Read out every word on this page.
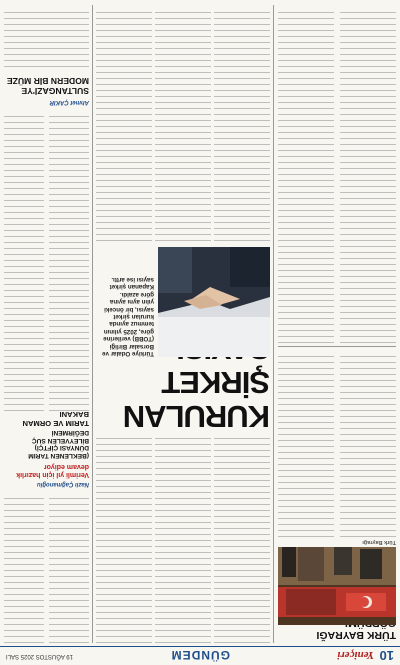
10
Yeniçeri
GÜNDEM
19 AĞUSTOS 2025 SALI
TÜRK BAYRAĞI
Türk Bayrağı
KURULAN ŞİRKET
Türkiye Odalar ve Borsalar Birliği (TOBB) verilerine göre, 2025 yılının temmuz ayında kurulan şirket sayısı, bir önceki yılın aynı ayına göre azaldı. Kapanan şirket sayısı ise arttı.
Nazlı Çağmanoğlu
Verimli yıl için hazırlık devam ediyor
(BEKLENEN TARIM DÜNYASI ÇİFTÇİ) BİLEYVELEN SUÇ DEĞİRMENİ
TARIM VE ORMAN BAKANI
Ahmet ÇAKIR
SULTANGAZİ'YE MODERN BİR MÜZE
